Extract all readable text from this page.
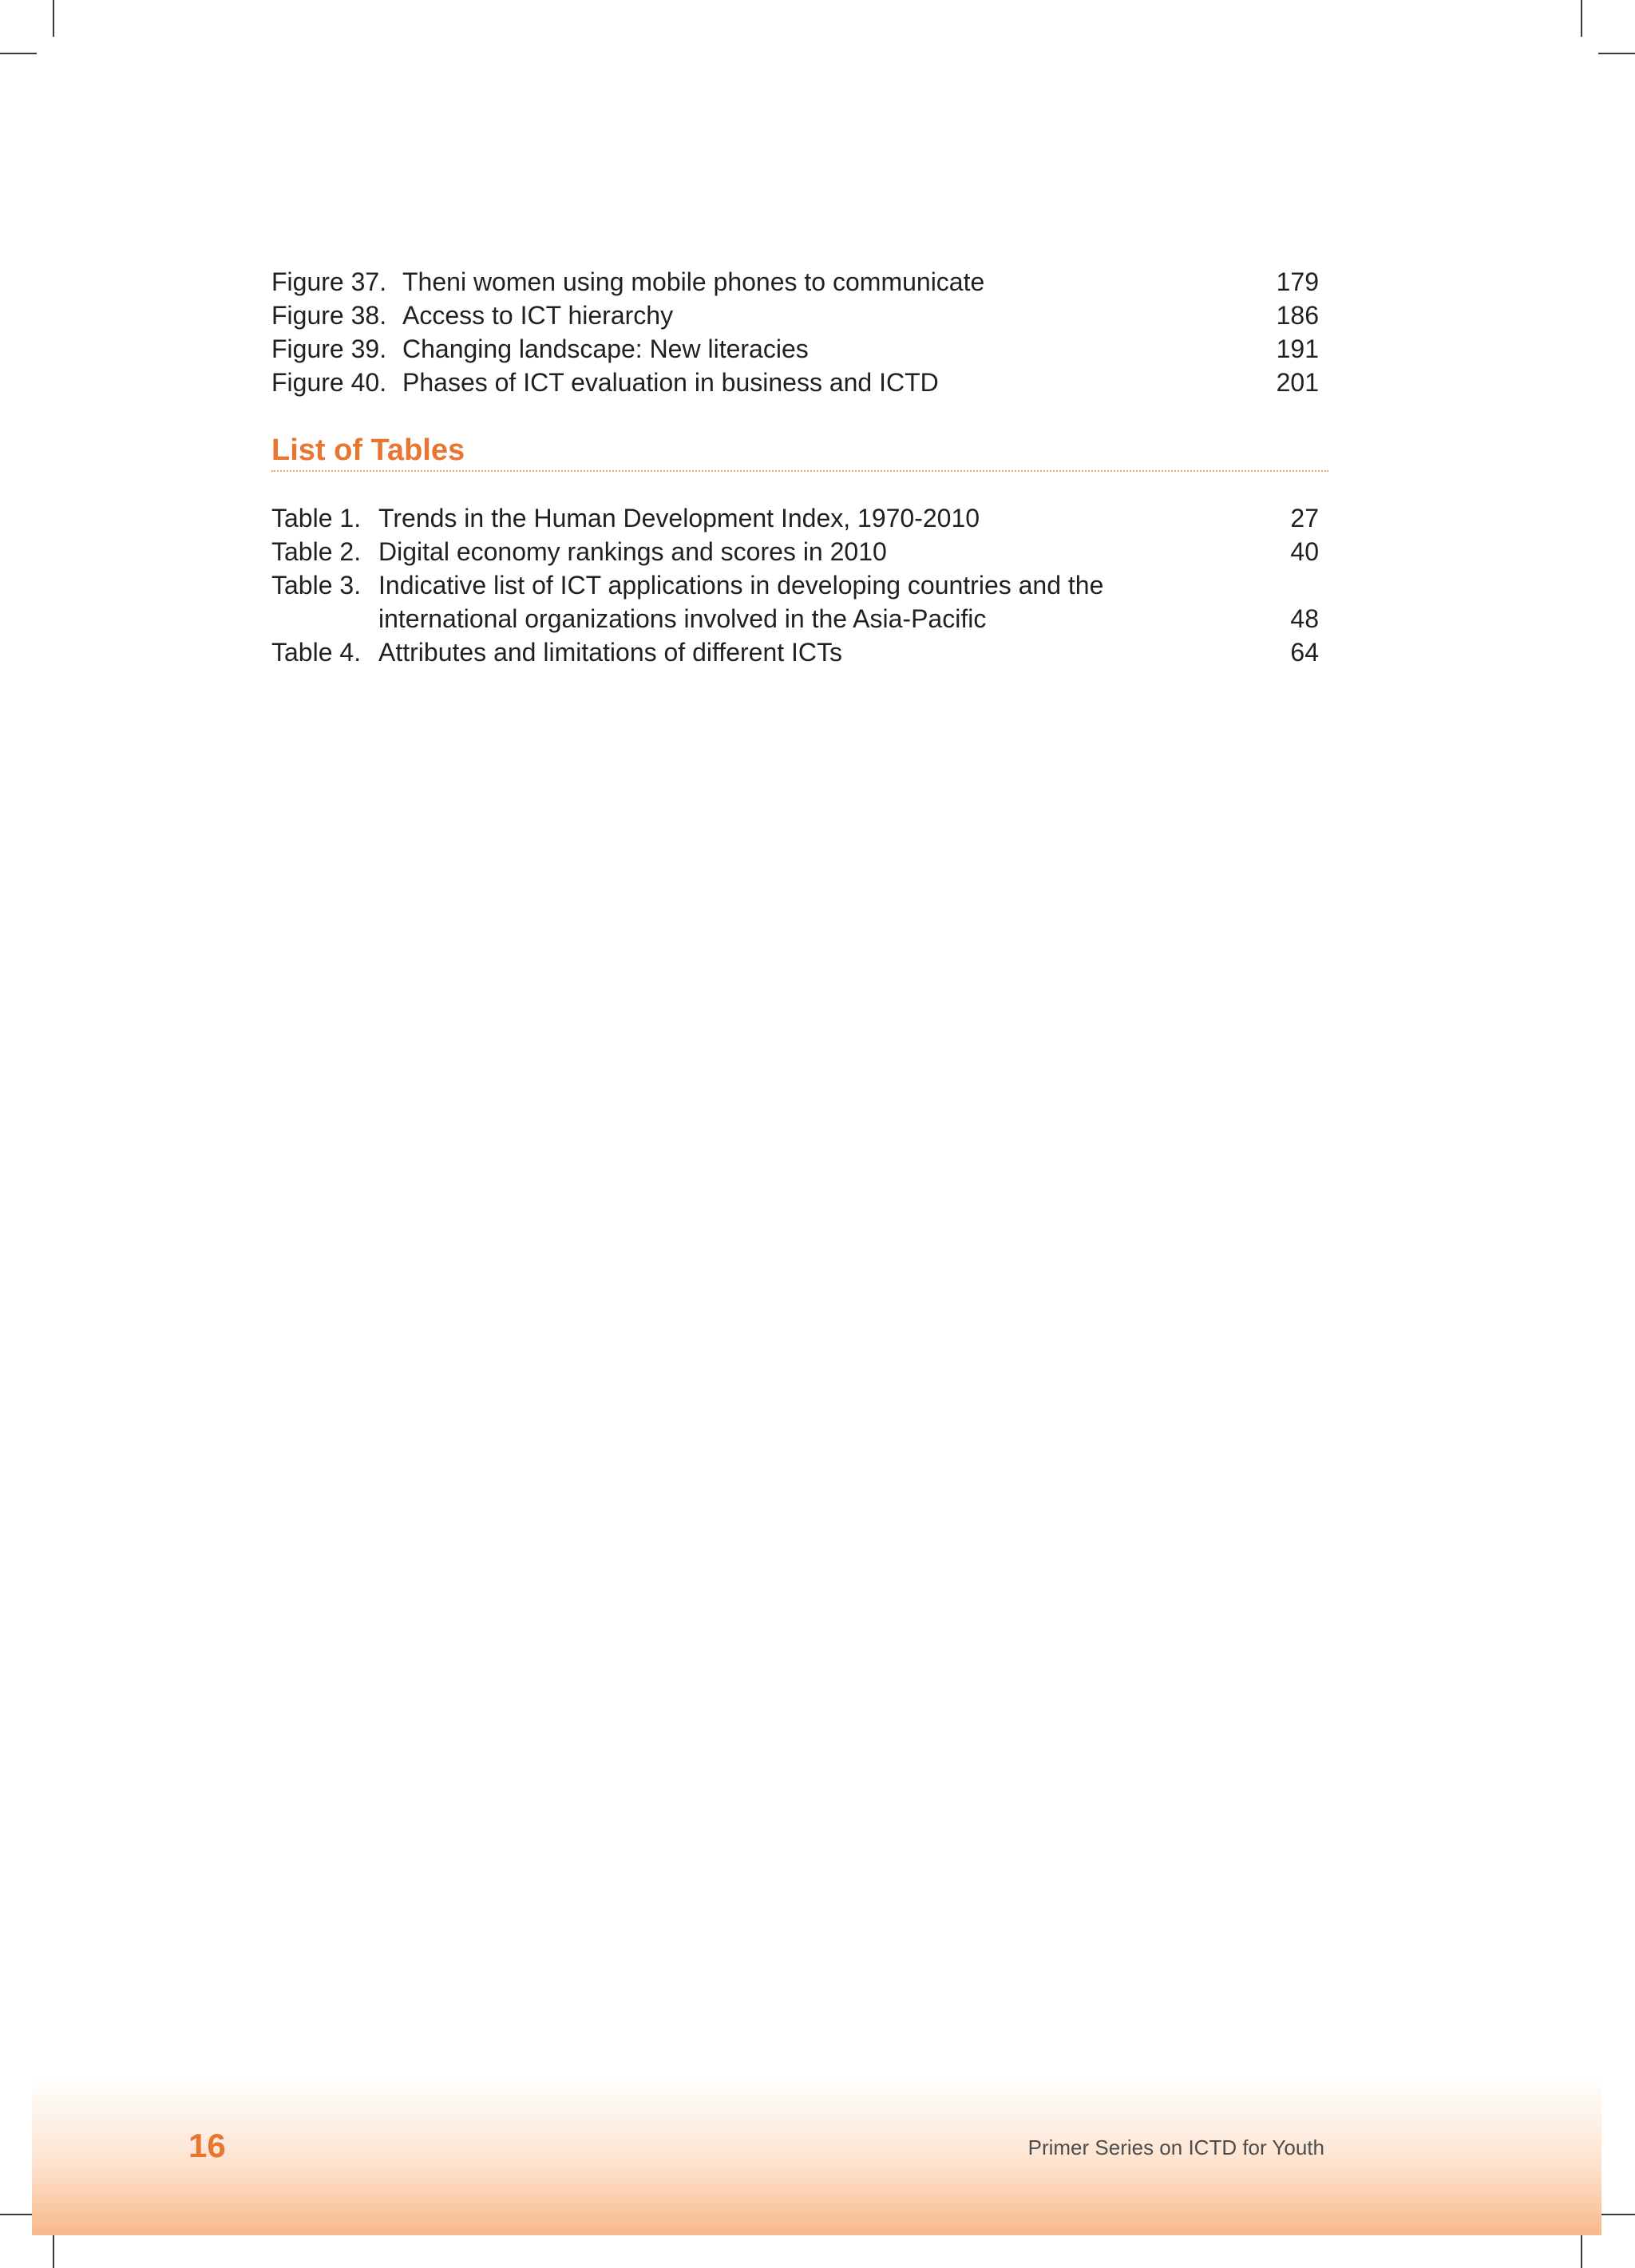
Figure 37. Theni women using mobile phones to communicate	179
Figure 38. Access to ICT hierarchy	186
Figure 39. Changing landscape: New literacies	191
Figure 40. Phases of ICT evaluation in business and ICTD	201
List of Tables
Table 1. Trends in the Human Development Index, 1970-2010	27
Table 2. Digital economy rankings and scores in 2010	40
Table 3. Indicative list of ICT applications in developing countries and the
international organizations involved in the Asia-Pacific	48
Table 4. Attributes and limitations of different ICTs	64
16	Primer Series on ICTD for Youth
